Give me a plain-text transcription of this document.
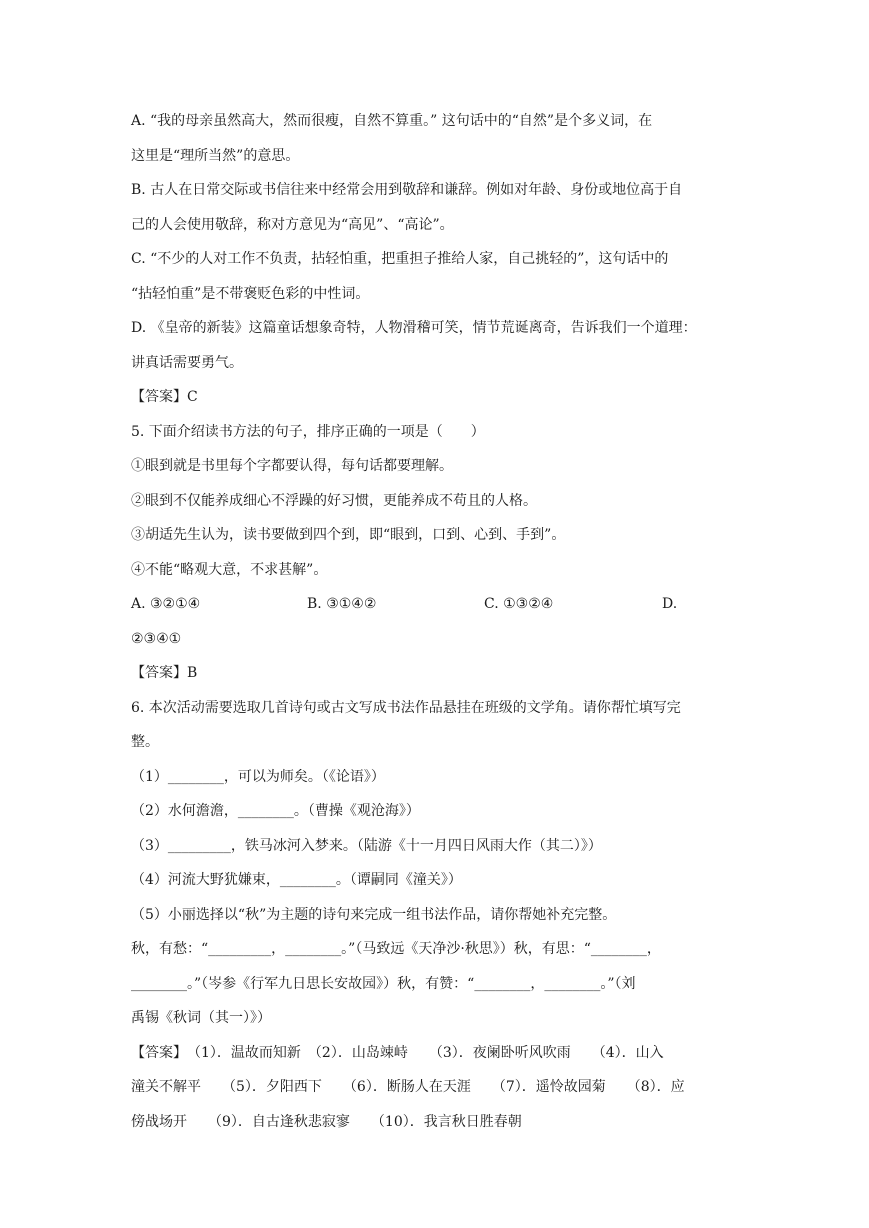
A. “我的母亲虽然高大，然而很瘦，自然不算重。” 这句话中的“自然”是个多义词，在
这里是“理所当然”的意思。
B. 古人在日常交际或书信往来中经常会用到敬辞和谦辞。例如对年龄、身份或地位高于自
己的人会使用敬辞，称对方意见为“高见”、“高论”。
C. “不少的人对工作不负责，拈轻怕重，把重担子推给人家，自己挑轻的”，这句话中的
“拈轻怕重”是不带褒贬色彩的中性词。
D. 《皇帝的新装》这篇童话想象奇特，人物滑稽可笑，情节荒诞离奇，告诉我们一个道理：
讲真话需要勇气。
【答案】C
5. 下面介绍读书方法的句子，排序正确的一项是（　　）
①眼到就是书里每个字都要认得，每句话都要理解。
②眼到不仅能养成细心不浮躁的好习惯，更能养成不苟且的人格。
③胡适先生认为，读书要做到四个到，即“眼到，口到、心到、手到”。
④不能“略观大意，不求甚解”。
A. ③②①④	B. ③①④②	C. ①③②④	D.
②③④①
【答案】B
6. 本次活动需要选取几首诗句或古文写成书法作品悬挂在班级的文学角。请你帮忙填写完
整。
（1）________，可以为师矣。（《论语》）
（2）水何澹澹，________。（曹操《观沧海》）
（3）_________，铁马冰河入梦来。（陆游《十一月四日风雨大作（其二）》）
（4）河流大野犹嫌束，________。（谭嗣同《潼关》）
（5）小丽选择以“秋”为主题的诗句来完成一组书法作品，请你帮她补充完整。
秋，有愁：“_________，________。”（马致远《天净沙·秋思》）秋，有思：“________，
________。”（岑参《行军九日思长安故园》）秋，有赞：“________，________。”（刘
禹锡《秋词（其一）》）
【答案】　（1）．温故而知新　（2）．山岛竦峙　　（3）．夜阑卧听风吹雨　　（4）．山入
潼关不解平　　（5）．夕阳西下　　（6）．断肠人在天涯　　（7）．遥怜故园菊　　（8）．应
傍战场开　　（9）．自古逢秋悲寂寥　　（10）．我言秋日胜春朝
